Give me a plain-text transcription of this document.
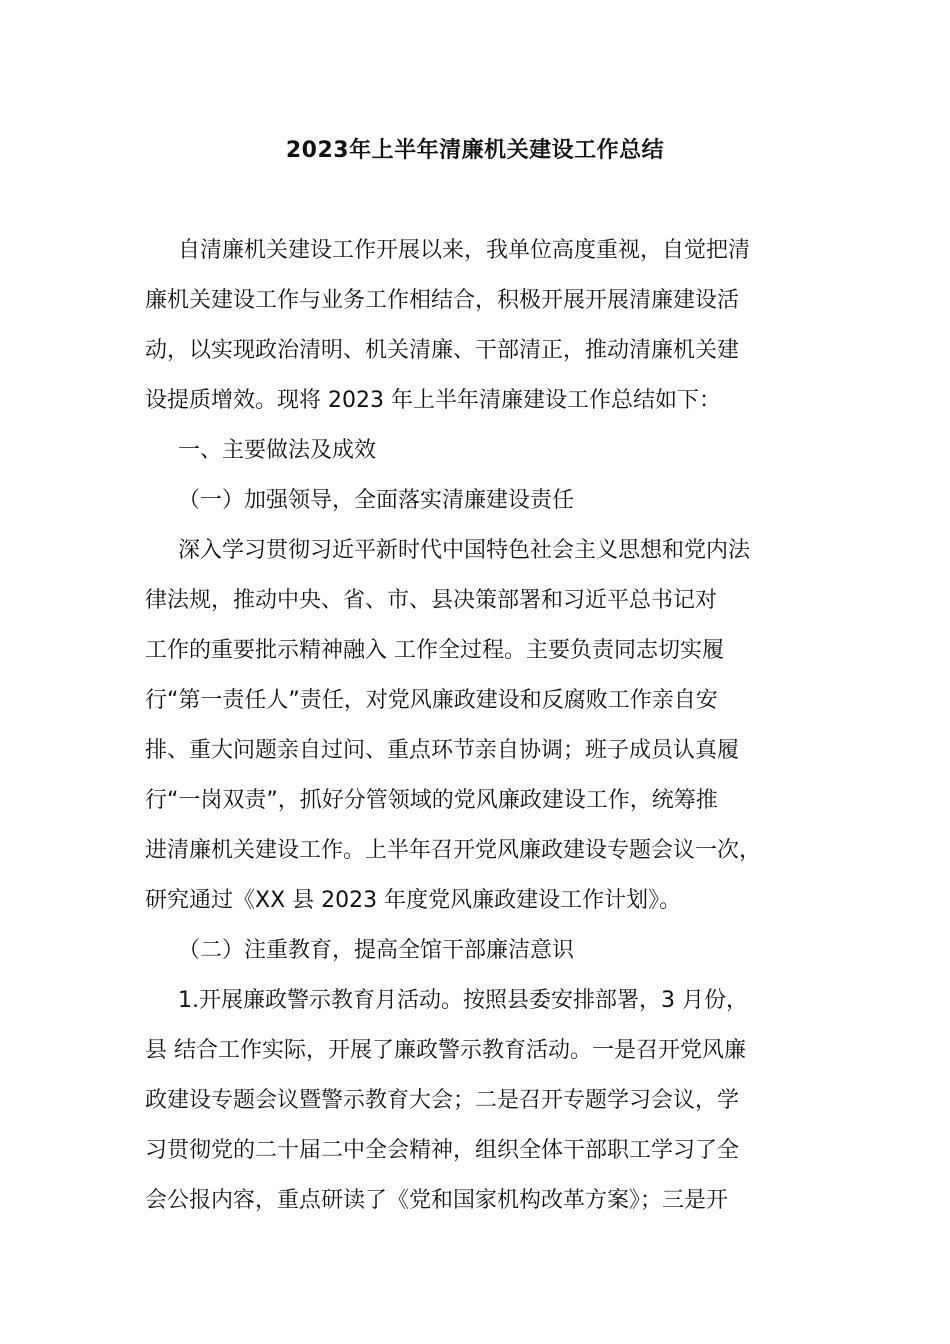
2023年上半年清廉机关建设工作总结
自清廉机关建设工作开展以来，我单位高度重视，自觉把清
廉机关建设工作与业务工作相结合，积极开展开展清廉建设活
动，以实现政治清明、机关清廉、干部清正，推动清廉机关建
设提质增效。现将 2023 年上半年清廉建设工作总结如下：
一、主要做法及成效
（一）加强领导，全面落实清廉建设责任
深入学习贯彻习近平新时代中国特色社会主义思想和党内法
律法规，推动中央、省、市、县决策部署和习近平总书记对
工作的重要批示精神融入 工作全过程。主要负责同志切实履
行“第一责任人”责任，对党风廉政建设和反腐败工作亲自安
排、重大问题亲自过问、重点环节亲自协调；班子成员认真履
行“一岗双责”，抓好分管领域的党风廉政建设工作，统筹推
进清廉机关建设工作。上半年召开党风廉政建设专题会议一次，
研究通过《XX 县 2023 年度党风廉政建设工作计划》。
（二）注重教育，提高全馆干部廉洁意识
1.开展廉政警示教育月活动。按照县委安排部署，3 月份，
县 结合工作实际，开展了廉政警示教育活动。一是召开党风廉
政建设专题会议暨警示教育大会；二是召开专题学习会议，学
习贯彻党的二十届二中全会精神，组织全体干部职工学习了全
会公报内容，重点研读了《党和国家机构改革方案》；三是开
